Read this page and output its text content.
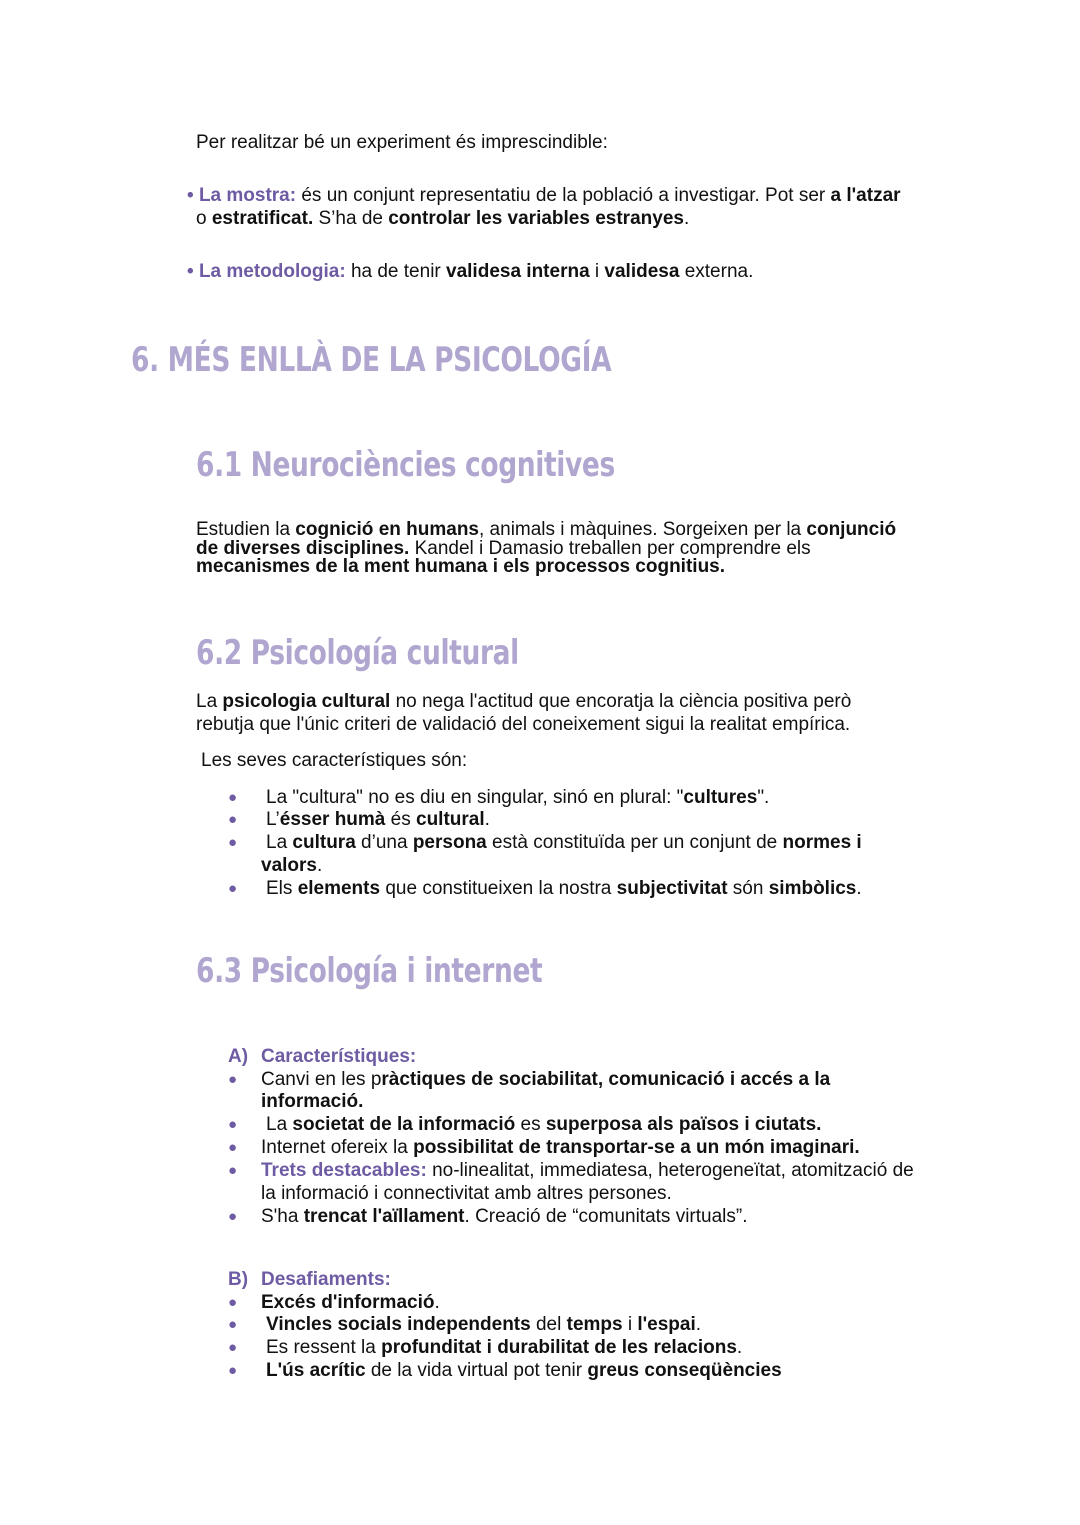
Per realitzar bé un experiment és imprescindible:
• La mostra: és un conjunt representatiu de la població a investigar. Pot ser a l'atzar
o estratificat. S’ha de controlar les variables estranyes.
• La metodologia: ha de tenir validesa interna i validesa externa.
6. MÉS ENLLÀ DE LA PSICOLOGÍA
6.1 Neurociències cognitives
Estudien la cognició en humans, animals i màquines. Sorgeixen per la conjunció
de diverses disciplines. Kandel i Damasio treballen per comprendre els
mecanismes de la ment humana i els processos cognitius.
6.2 Psicología cultural
La psicologia cultural no nega l'actitud que encoratja la ciència positiva però
rebutja que l'únic criteri de validació del coneixement sigui la realitat empírica.
Les seves característiques són:
● La "cultura" no es diu en singular, sinó en plural: "cultures".
● L’ésser humà és cultural.
● La cultura d’una persona està constituïda per un conjunt de normes i
valors.
● Els elements que constitueixen la nostra subjectivitat són simbòlics.
6.3 Psicología i internet
A) Característiques:
● Canvi en les pràctiques de sociabilitat, comunicació i accés a la
informació.
● La societat de la informació es superposa als països i ciutats.
● Internet ofereix la possibilitat de transportar-se a un món imaginari.
● Trets destacables: no-linealitat, immediatesa, heterogeneïtat, atomització de
la informació i connectivitat amb altres persones.
● S'ha trencat l'aïllament. Creació de “comunitats virtuals”.
B) Desafiaments:
● Excés d'informació.
● Vincles socials independents del temps i l'espai.
● Es ressent la profunditat i durabilitat de les relacions.
● L'ús acrític de la vida virtual pot tenir greus conseqüències
